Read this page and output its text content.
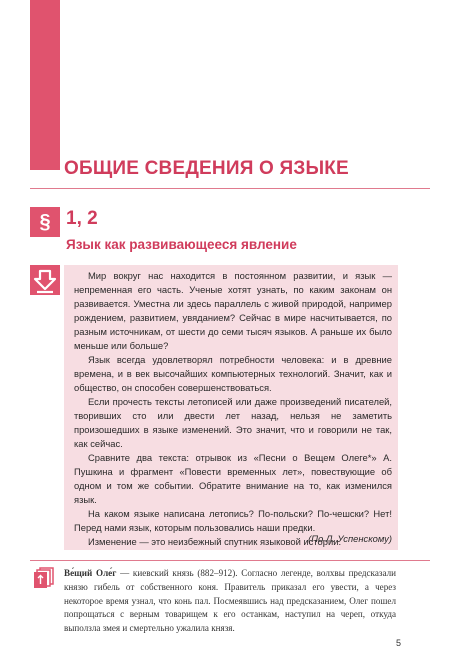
ОБЩИЕ СВЕДЕНИЯ О ЯЗЫКЕ
§ 1, 2
Язык как развивающееся явление

Мир вокруг нас находится в постоянном развитии, и язык — непременная его часть. Ученые хотят узнать, по каким законам он развивается. Уместна ли здесь параллель с живой природой, например рождением, развитием, увяданием? Сейчас в мире насчитывается, по разным источникам, от шести до семи тысяч языков. А раньше их было меньше или больше?

Язык всегда удовлетворял потребности человека: и в древние времена, и в век высочайших компьютерных технологий. Значит, как и общество, он способен совершенствоваться.

Если прочесть тексты летописей или даже произведений писателей, творивших сто или двести лет назад, нельзя не заметить произошедших в языке изменений. Это значит, что и говорили не так, как сейчас.

Сравните два текста: отрывок из «Песни о Вещем Олеге*» А. Пушкина и фрагмент «Повести временных лет», повествующие об одном и том же событии. Обратите внимание на то, как изменился язык.

На каком языке написана летопись? По-польски? По-чешски? Нет! Перед нами язык, которым пользовались наши предки.

Изменение — это неизбежный спутник языковой истории.

(По Л. Успенскому)
Ве́щий Оле́г — киевский князь (882–912). Согласно легенде, волхвы предсказали князю гибель от собственного коня. Правитель приказал его увести, а через некоторое время узнал, что конь пал. Посмеявшись над предсказанием, Олег пошел попрощаться с верным товарищем к его останкам, наступил на череп, откуда выползла змея и смертельно ужалила князя.
5
